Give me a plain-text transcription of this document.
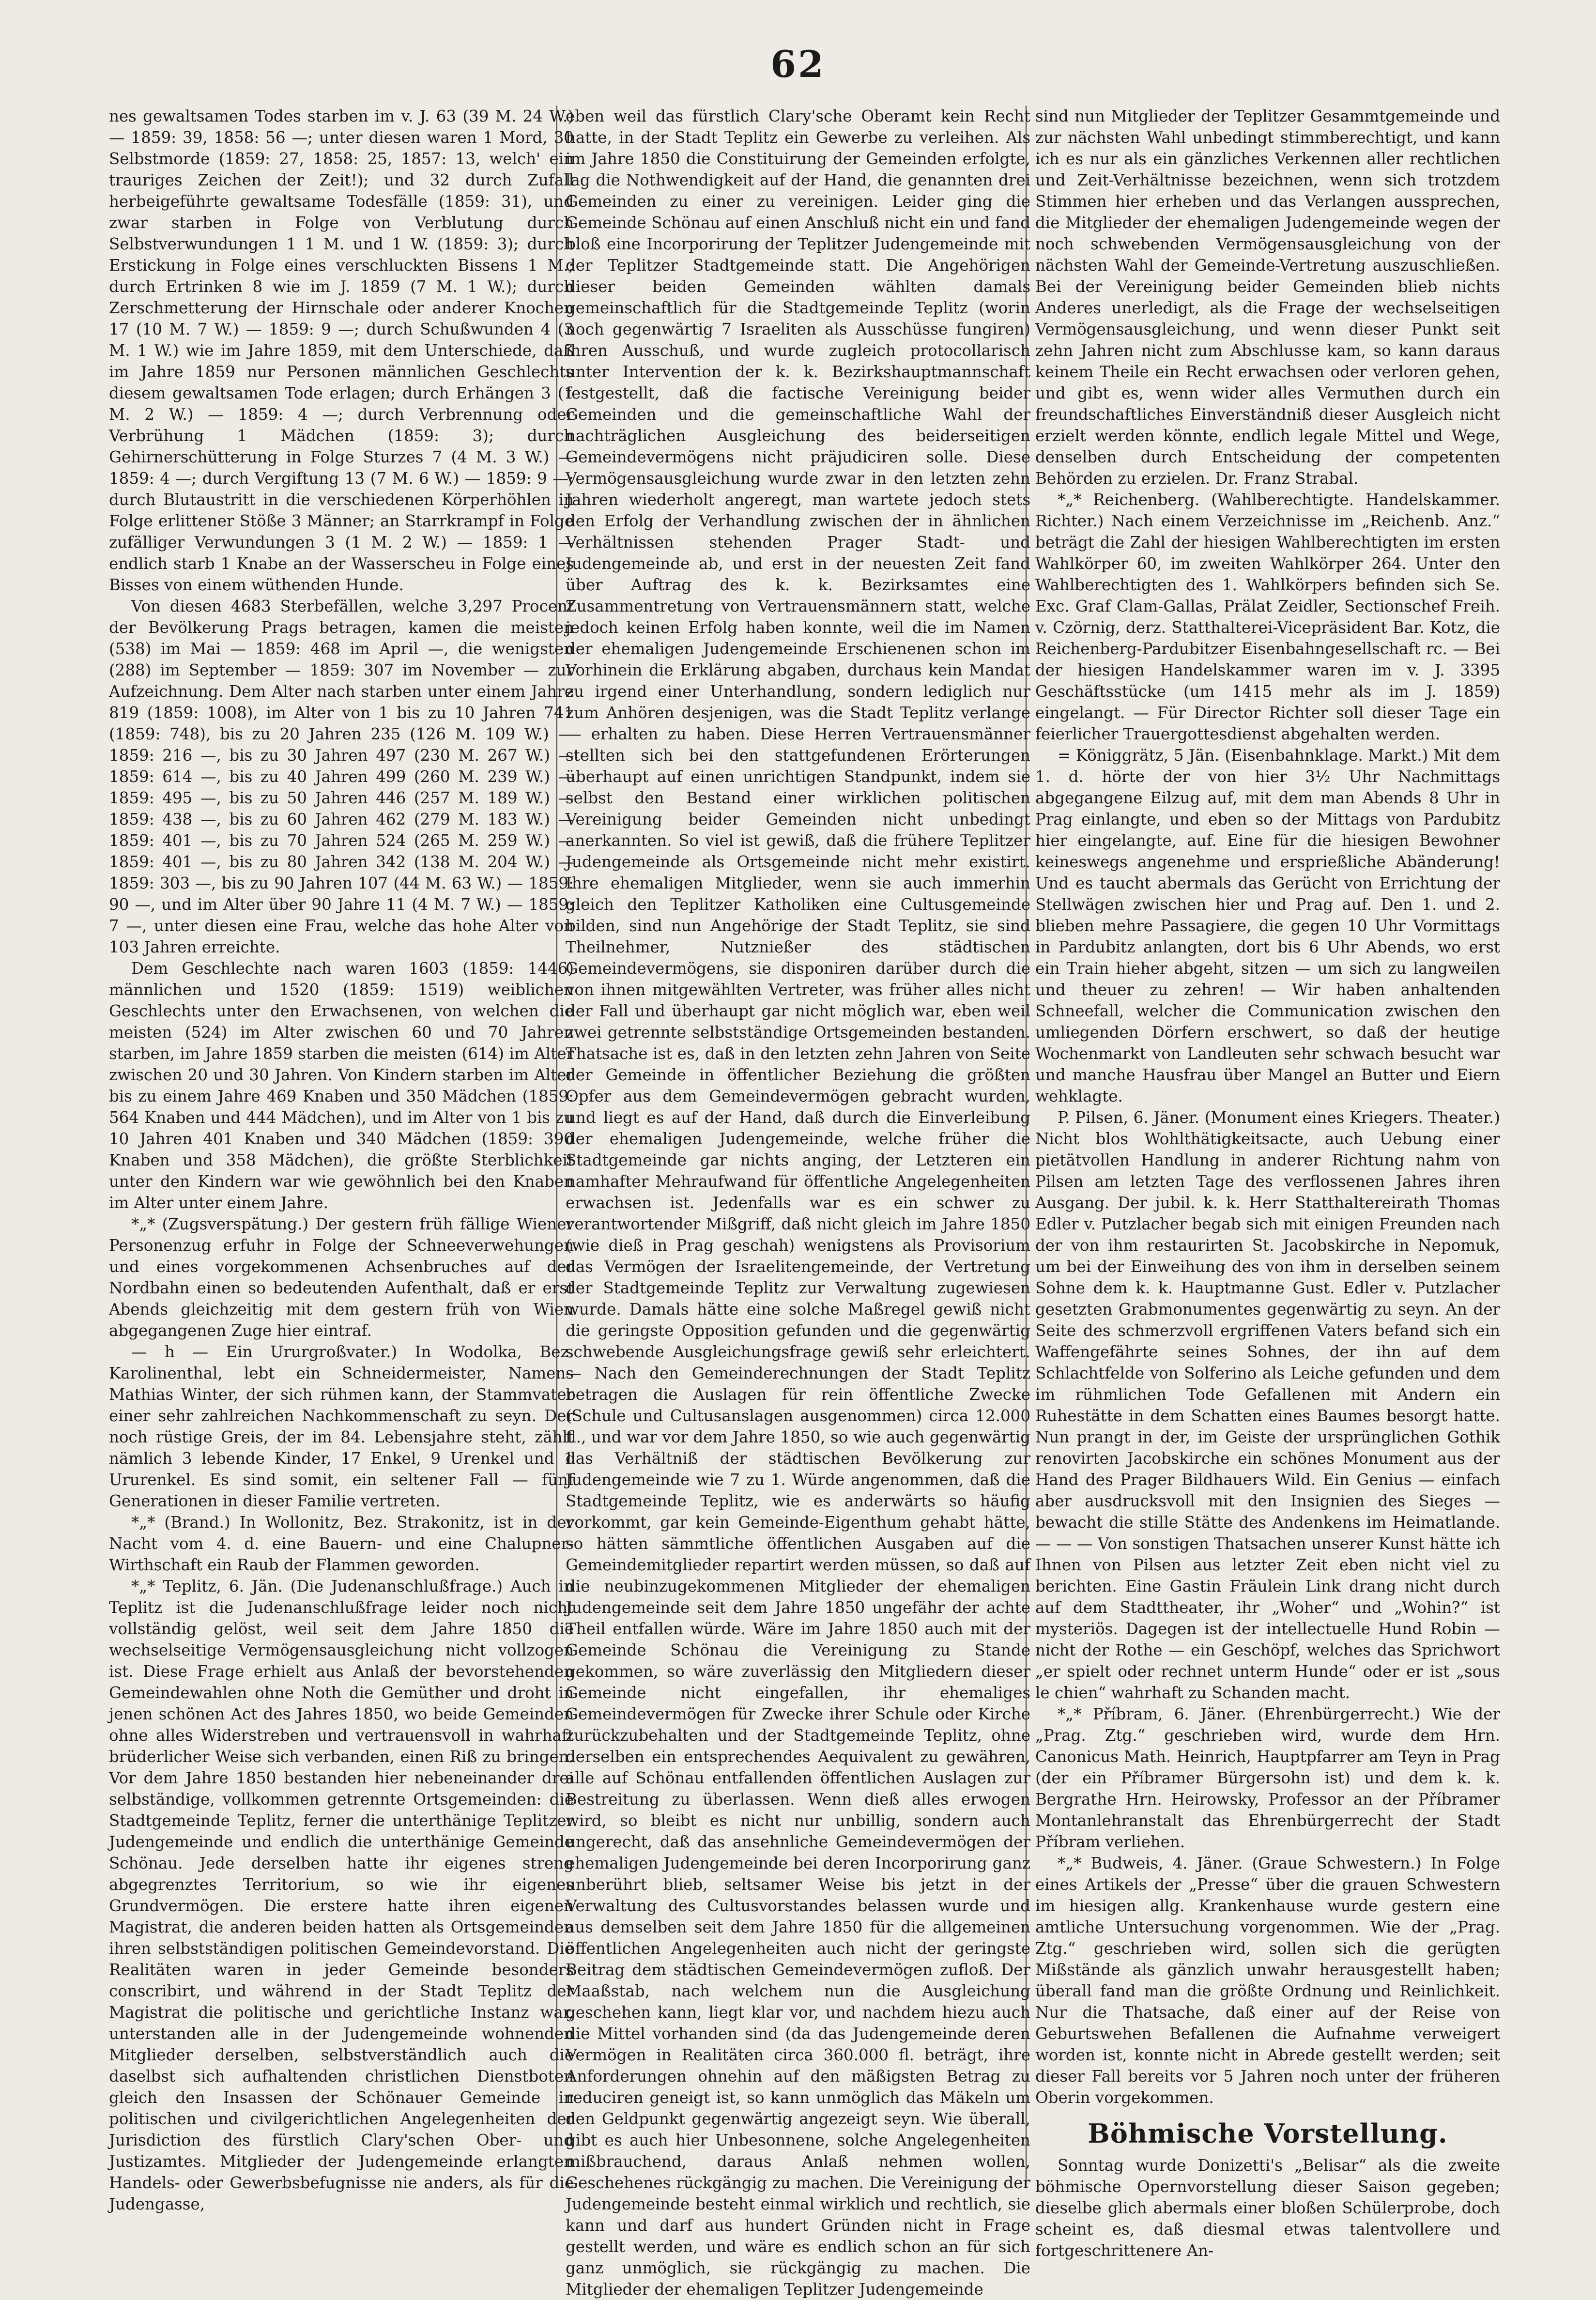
62

nes gewaltsamen Todes starben im v. J. 63 (39 M. 24 W.) — 1859: 39, 1858: 56 —; unter diesen waren 1 Mord, 30 Selbstmorde (1859: 27, 1858: 25, 1857: 13, welch' ein trauriges Zeichen der Zeit!); und 32 durch Zufall herbeigeführte gewaltsame Todesfälle (1859: 31), und zwar starben in Folge von Verblutung durch Selbstverwundungen 1 1 M. und 1 W. (1859: 3); durch Erstickung in Folge eines verschluckten Bissens 1 M.; durch Ertrinken 8 wie im J. 1859 (7 M. 1 W.); durch Zerschmetterung der Hirnschale oder anderer Knochen 17 (10 M. 7 W.) — 1859: 9 —; durch Schußwunden 4 (3 M. 1 W.) wie im Jahre 1859, mit dem Unterschiede, daß im Jahre 1859 nur Personen männlichen Geschlechts diesem gewaltsamen Tode erlagen; durch Erhängen 3 (1 M. 2 W.) — 1859: 4 —; durch Verbrennung oder Verbrühung 1 Mädchen (1859: 3); durch Gehirnerschütterung in Folge Sturzes 7 (4 M. 3 W.) — 1859: 4 —; durch Vergiftung 13 (7 M. 6 W.) — 1859: 9 —; durch Blutaustritt in die verschiedenen Körperhöhlen in Folge erlittener Stöße 3 Männer; an Starrkrampf in Folge zufälliger Verwundungen 3 (1 M. 2 W.) — 1859: 1 — endlich starb 1 Knabe an der Wasserscheu in Folge eines Bisses von einem wüthenden Hunde.

Von diesen 4683 Sterbefällen, welche 3,297 Procent der Bevölkerung Prags betragen, kamen die meisten (538) im Mai — 1859: 468 im April —, die wenigsten (288) im September — 1859: 307 im November — zur Aufzeichnung. Dem Alter nach starben unter einem Jahre 819 (1859: 1008), im Alter von 1 bis zu 10 Jahren 741 (1859: 748), bis zu 20 Jahren 235 (126 M. 109 W.) — 1859: 216 —, bis zu 30 Jahren 497 (230 M. 267 W.) — 1859: 614 —, bis zu 40 Jahren 499 (260 M. 239 W.) — 1859: 495 —, bis zu 50 Jahren 446 (257 M. 189 W.) — 1859: 438 —, bis zu 60 Jahren 462 (279 M. 183 W.) — 1859: 401 —, bis zu 70 Jahren 524 (265 M. 259 W.) — 1859: 401 —, bis zu 80 Jahren 342 (138 M. 204 W.) — 1859: 303 —, bis zu 90 Jahren 107 (44 M. 63 W.) — 1859: 90 —, und im Alter über 90 Jahre 11 (4 M. 7 W.) — 1859: 7 —, unter diesen eine Frau, welche das hohe Alter von 103 Jahren erreichte.

Dem Geschlechte nach waren 1603 (1859: 1446) männlichen und 1520 (1859: 1519) weiblichen Geschlechts unter den Erwachsenen, von welchen die meisten (524) im Alter zwischen 60 und 70 Jahren starben, im Jahre 1859 starben die meisten (614) im Alter zwischen 20 und 30 Jahren. Von Kindern starben im Alter bis zu einem Jahre 469 Knaben und 350 Mädchen (1859: 564 Knaben und 444 Mädchen), und im Alter von 1 bis zu 10 Jahren 401 Knaben und 340 Mädchen (1859: 390 Knaben und 358 Mädchen), die größte Sterblichkeit unter den Kindern war wie gewöhnlich bei den Knaben im Alter unter einem Jahre.

*„* (Zugsverspätung.) Der gestern früh fällige Wiener Personenzug erfuhr in Folge der Schneeverwehungen und eines vorgekommenen Achsenbruches auf der Nordbahn einen so bedeutenden Aufenthalt, daß er erst Abends gleichzeitig mit dem gestern früh von Wien abgegangenen Zuge hier eintraf.

— h — Ein Ururgroßvater.) In Wodolka, Bez. Karolinenthal, lebt ein Schneidermeister, Namens Mathias Winter, der sich rühmen kann, der Stammvater einer sehr zahlreichen Nachkommenschaft zu seyn. Der noch rüstige Greis, der im 84. Lebensjahre steht, zählt nämlich 3 lebende Kinder, 17 Enkel, 9 Urenkel und 1 Ururenkel. Es sind somit, ein seltener Fall — fünf Generationen in dieser Familie vertreten.

*„* (Brand.) In Wollonitz, Bez. Strakonitz, ist in der Nacht vom 4. d. eine Bauern- und eine Chalupner-Wirthschaft ein Raub der Flammen geworden.

*„* Teplitz, 6. Jän. (Die Judenanschlußfrage.) Auch in Teplitz ist die Judenanschlußfrage leider noch nicht vollständig gelöst, weil seit dem Jahre 1850 die wechselseitige Vermögensausgleichung nicht vollzogen ist. Diese Frage erhielt aus Anlaß der bevorstehenden Gemeindewahlen ohne Noth die Gemüther und droht in jenen schönen Act des Jahres 1850, wo beide Gemeinden ohne alles Widerstreben und vertrauensvoll in wahrhaft brüderlicher Weise sich verbanden, einen Riß zu bringen. Vor dem Jahre 1850 bestanden hier nebeneinander drei selbständige, vollkommen getrennte Ortsgemeinden: die Stadtgemeinde Teplitz, ferner die unterthänige Teplitzer Judengemeinde und endlich die unterthänige Gemeinde Schönau. Jede derselben hatte ihr eigenes streng abgegrenztes Territorium, so wie ihr eigenes Grundvermögen. Die erstere hatte ihren eigenen Magistrat, die anderen beiden hatten als Ortsgemeinden ihren selbstständigen politischen Gemeindevorstand. Die Realitäten waren in jeder Gemeinde besonders conscribirt, und während in der Stadt Teplitz der Magistrat die politische und gerichtliche Instanz war, unterstanden alle in der Judengemeinde wohnenden Mitglieder derselben, selbstverständlich auch die daselbst sich aufhaltenden christlichen Dienstboten gleich den Insassen der Schönauer Gemeinde in politischen und civilgerichtlichen Angelegenheiten der Jurisdiction des fürstlich Clary'schen Ober- und Justizamtes. Mitglieder der Judengemeinde erlangten Handels- oder Gewerbsbefugnisse nie anders, als für die Judengasse,

eben weil das fürstlich Clary'sche Oberamt kein Recht hatte, in der Stadt Teplitz ein Gewerbe zu verleihen. Als im Jahre 1850 die Constituirung der Gemeinden erfolgte, lag die Nothwendigkeit auf der Hand, die genannten drei Gemeinden zu einer zu vereinigen. Leider ging die Gemeinde Schönau auf einen Anschluß nicht ein und fand bloß eine Incorporirung der Teplitzer Judengemeinde mit der Teplitzer Stadtgemeinde statt. Die Angehörigen dieser beiden Gemeinden wählten damals gemeinschaftlich für die Stadtgemeinde Teplitz (worin noch gegenwärtig 7 Israeliten als Ausschüsse fungiren) ihren Ausschuß, und wurde zugleich protocollarisch unter Intervention der k. k. Bezirkshauptmannschaft festgestellt, daß die factische Vereinigung beider Gemeinden und die gemeinschaftliche Wahl der nachträglichen Ausgleichung des beiderseitigen Gemeindevermögens nicht präjudiciren solle. Diese Vermögensausgleichung wurde zwar in den letzten zehn Jahren wiederholt angeregt, man wartete jedoch stets den Erfolg der Verhandlung zwischen der in ähnlichen Verhältnissen stehenden Prager Stadt- und Judengemeinde ab, und erst in der neuesten Zeit fand über Auftrag des k. k. Bezirksamtes eine Zusammentretung von Vertrauensmännern statt, welche jedoch keinen Erfolg haben konnte, weil die im Namen der ehemaligen Judengemeinde Erschienenen schon im Vorhinein die Erklärung abgaben, durchaus kein Mandat zu irgend einer Unterhandlung, sondern lediglich nur zum Anhören desjenigen, was die Stadt Teplitz verlange — erhalten zu haben. Diese Herren Vertrauensmänner stellten sich bei den stattgefundenen Erörterungen überhaupt auf einen unrichtigen Standpunkt, indem sie selbst den Bestand einer wirklichen politischen Vereinigung beider Gemeinden nicht unbedingt anerkannten. So viel ist gewiß, daß die frühere Teplitzer Judengemeinde als Ortsgemeinde nicht mehr existirt. Ihre ehemaligen Mitglieder, wenn sie auch immerhin gleich den Teplitzer Katholiken eine Cultusgemeinde bilden, sind nun Angehörige der Stadt Teplitz, sie sind Theilnehmer, Nutznießer des städtischen Gemeindevermögens, sie disponiren darüber durch die von ihnen mitgewählten Vertreter, was früher alles nicht der Fall und überhaupt gar nicht möglich war, eben weil zwei getrennte selbstständige Ortsgemeinden bestanden. Thatsache ist es, daß in den letzten zehn Jahren von Seite der Gemeinde in öffentlicher Beziehung die größten Opfer aus dem Gemeindevermögen gebracht wurden, und liegt es auf der Hand, daß durch die Einverleibung der ehemaligen Judengemeinde, welche früher die Stadtgemeinde gar nichts anging, der Letzteren ein namhafter Mehraufwand für öffentliche Angelegenheiten erwachsen ist. Jedenfalls war es ein schwer zu verantwortender Mißgriff, daß nicht gleich im Jahre 1850 (wie dieß in Prag geschah) wenigstens als Provisorium das Vermögen der Israelitengemeinde, der Vertretung der Stadtgemeinde Teplitz zur Verwaltung zugewiesen wurde. Damals hätte eine solche Maßregel gewiß nicht die geringste Opposition gefunden und die gegenwärtig schwebende Ausgleichungsfrage gewiß sehr erleichtert. — Nach den Gemeinderechnungen der Stadt Teplitz betragen die Auslagen für rein öffentliche Zwecke (Schule und Cultusanslagen ausgenommen) circa 12.000 fl., und war vor dem Jahre 1850, so wie auch gegenwärtig das Verhältniß der städtischen Bevölkerung zur Judengemeinde wie 7 zu 1. Würde angenommen, daß die Stadtgemeinde Teplitz, wie es anderwärts so häufig vorkommt, gar kein Gemeinde-Eigenthum gehabt hätte, so hätten sämmtliche öffentlichen Ausgaben auf die Gemeindemitglieder repartirt werden müssen, so daß auf die neubinzugekommenen Mitglieder der ehemaligen Judengemeinde seit dem Jahre 1850 ungefähr der achte Theil entfallen würde. Wäre im Jahre 1850 auch mit der Gemeinde Schönau die Vereinigung zu Stande gekommen, so wäre zuverlässig den Mitgliedern dieser Gemeinde nicht eingefallen, ihr ehemaliges Gemeindevermögen für Zwecke ihrer Schule oder Kirche zurückzubehalten und der Stadtgemeinde Teplitz, ohne derselben ein entsprechendes Aequivalent zu gewähren, alle auf Schönau entfallenden öffentlichen Auslagen zur Bestreitung zu überlassen. Wenn dieß alles erwogen wird, so bleibt es nicht nur unbillig, sondern auch ungerecht, daß das ansehnliche Gemeindevermögen der ehemaligen Judengemeinde bei deren Incorporirung ganz unberührt blieb, seltsamer Weise bis jetzt in der Verwaltung des Cultusvorstandes belassen wurde und aus demselben seit dem Jahre 1850 für die allgemeinen öffentlichen Angelegenheiten auch nicht der geringste Beitrag dem städtischen Gemeindevermögen zufloß. Der Maaßstab, nach welchem nun die Ausgleichung geschehen kann, liegt klar vor, und nachdem hiezu auch die Mittel vorhanden sind (da das Judengemeinde deren Vermögen in Realitäten circa 360.000 fl. beträgt, ihre Anforderungen ohnehin auf den mäßigsten Betrag zu reduciren geneigt ist, so kann unmöglich das Mäkeln um den Geldpunkt gegenwärtig angezeigt seyn. Wie überall, gibt es auch hier Unbesonnene, solche Angelegenheiten mißbrauchend, daraus Anlaß nehmen wollen, Geschehenes rückgängig zu machen. Die Vereinigung der Judengemeinde besteht einmal wirklich und rechtlich, sie kann und darf aus hundert Gründen nicht in Frage gestellt werden, und wäre es endlich schon an für sich ganz unmöglich, sie rückgängig zu machen. Die Mitglieder der ehemaligen Teplitzer Judengemeinde

sind nun Mitglieder der Teplitzer Gesammtgemeinde und zur nächsten Wahl unbedingt stimmberechtigt, und kann ich es nur als ein gänzliches Verkennen aller rechtlichen und Zeit-Verhältnisse bezeichnen, wenn sich trotzdem Stimmen hier erheben und das Verlangen aussprechen, die Mitglieder der ehemaligen Judengemeinde wegen der noch schwebenden Vermögensausgleichung von der nächsten Wahl der Gemeinde-Vertretung auszuschließen. Bei der Vereinigung beider Gemeinden blieb nichts Anderes unerledigt, als die Frage der wechselseitigen Vermögensausgleichung, und wenn dieser Punkt seit zehn Jahren nicht zum Abschlusse kam, so kann daraus keinem Theile ein Recht erwachsen oder verloren gehen, und gibt es, wenn wider alles Vermuthen durch ein freundschaftliches Einverständniß dieser Ausgleich nicht erzielt werden könnte, endlich legale Mittel und Wege, denselben durch Entscheidung der competenten Behörden zu erzielen. Dr. Franz Strabal.

*„* Reichenberg. (Wahlberechtigte. Handelskammer. Richter.) Nach einem Verzeichnisse im „Reichenb. Anz.“ beträgt die Zahl der hiesigen Wahlberechtigten im ersten Wahlkörper 60, im zweiten Wahlkörper 264. Unter den Wahlberechtigten des 1. Wahlkörpers befinden sich Se. Exc. Graf Clam-Gallas, Prälat Zeidler, Sectionschef Freih. v. Czörnig, derz. Statthalterei-Vicepräsident Bar. Kotz, die Reichenberg-Pardubitzer Eisenbahngesellschaft rc. — Bei der hiesigen Handelskammer waren im v. J. 3395 Geschäftsstücke (um 1415 mehr als im J. 1859) eingelangt. — Für Director Richter soll dieser Tage ein feierlicher Trauergottesdienst abgehalten werden.

= Königgrätz, 5 Jän. (Eisenbahnklage. Markt.) Mit dem 1. d. hörte der von hier 3½ Uhr Nachmittags abgegangene Eilzug auf, mit dem man Abends 8 Uhr in Prag einlangte, und eben so der Mittags von Pardubitz hier eingelangte, auf. Eine für die hiesigen Bewohner keineswegs angenehme und ersprießliche Abänderung! Und es taucht abermals das Gerücht von Errichtung der Stellwägen zwischen hier und Prag auf. Den 1. und 2. blieben mehre Passagiere, die gegen 10 Uhr Vormittags in Pardubitz anlangten, dort bis 6 Uhr Abends, wo erst ein Train hieher abgeht, sitzen — um sich zu langweilen und theuer zu zehren! — Wir haben anhaltenden Schneefall, welcher die Communication zwischen den umliegenden Dörfern erschwert, so daß der heutige Wochenmarkt von Landleuten sehr schwach besucht war und manche Hausfrau über Mangel an Butter und Eiern wehklagte.

P. Pilsen, 6. Jäner. (Monument eines Kriegers. Theater.) Nicht blos Wohlthätigkeitsacte, auch Uebung einer pietätvollen Handlung in anderer Richtung nahm von Pilsen am letzten Tage des verflossenen Jahres ihren Ausgang. Der jubil. k. k. Herr Statthaltereirath Thomas Edler v. Putzlacher begab sich mit einigen Freunden nach der von ihm restaurirten St. Jacobskirche in Nepomuk, um bei der Einweihung des von ihm in derselben seinem Sohne dem k. k. Hauptmanne Gust. Edler v. Putzlacher gesetzten Grabmonumentes gegenwärtig zu seyn. An der Seite des schmerzvoll ergriffenen Vaters befand sich ein Waffengefährte seines Sohnes, der ihn auf dem Schlachtfelde von Solferino als Leiche gefunden und dem im rühmlichen Tode Gefallenen mit Andern ein Ruhestätte in dem Schatten eines Baumes besorgt hatte. Nun prangt in der, im Geiste der ursprünglichen Gothik renovirten Jacobskirche ein schönes Monument aus der Hand des Prager Bildhauers Wild. Ein Genius — einfach aber ausdrucksvoll mit den Insignien des Sieges — bewacht die stille Stätte des Andenkens im Heimatlande. — — — Von sonstigen Thatsachen unserer Kunst hätte ich Ihnen von Pilsen aus letzter Zeit eben nicht viel zu berichten. Eine Gastin Fräulein Link drang nicht durch auf dem Stadttheater, ihr „Woher“ und „Wohin?“ ist mysteriös. Dagegen ist der intellectuelle Hund Robin — nicht der Rothe — ein Geschöpf, welches das Sprichwort „er spielt oder rechnet unterm Hunde“ oder er ist „sous le chien“ wahrhaft zu Schanden macht.

*„* Příbram, 6. Jäner. (Ehrenbürgerrecht.) Wie der „Prag. Ztg.“ geschrieben wird, wurde dem Hrn. Canonicus Math. Heinrich, Hauptpfarrer am Teyn in Prag (der ein Příbramer Bürgersohn ist) und dem k. k. Bergrathe Hrn. Heirowsky, Professor an der Příbramer Montanlehranstalt das Ehrenbürgerrecht der Stadt Příbram verliehen.

*„* Budweis, 4. Jäner. (Graue Schwestern.) In Folge eines Artikels der „Presse“ über die grauen Schwestern im hiesigen allg. Krankenhause wurde gestern eine amtliche Untersuchung vorgenommen. Wie der „Prag. Ztg.“ geschrieben wird, sollen sich die gerügten Mißstände als gänzlich unwahr herausgestellt haben; überall fand man die größte Ordnung und Reinlichkeit. Nur die Thatsache, daß einer auf der Reise von Geburtswehen Befallenen die Aufnahme verweigert worden ist, konnte nicht in Abrede gestellt werden; seit dieser Fall bereits vor 5 Jahren noch unter der früheren Oberin vorgekommen.

Böhmische Vorstellung.

Sonntag wurde Donizetti's „Belisar“ als die zweite böhmische Opernvorstellung dieser Saison gegeben; dieselbe glich abermals einer bloßen Schülerprobe, doch scheint es, daß diesmal etwas talentvollere und fortgeschrittenere An-
